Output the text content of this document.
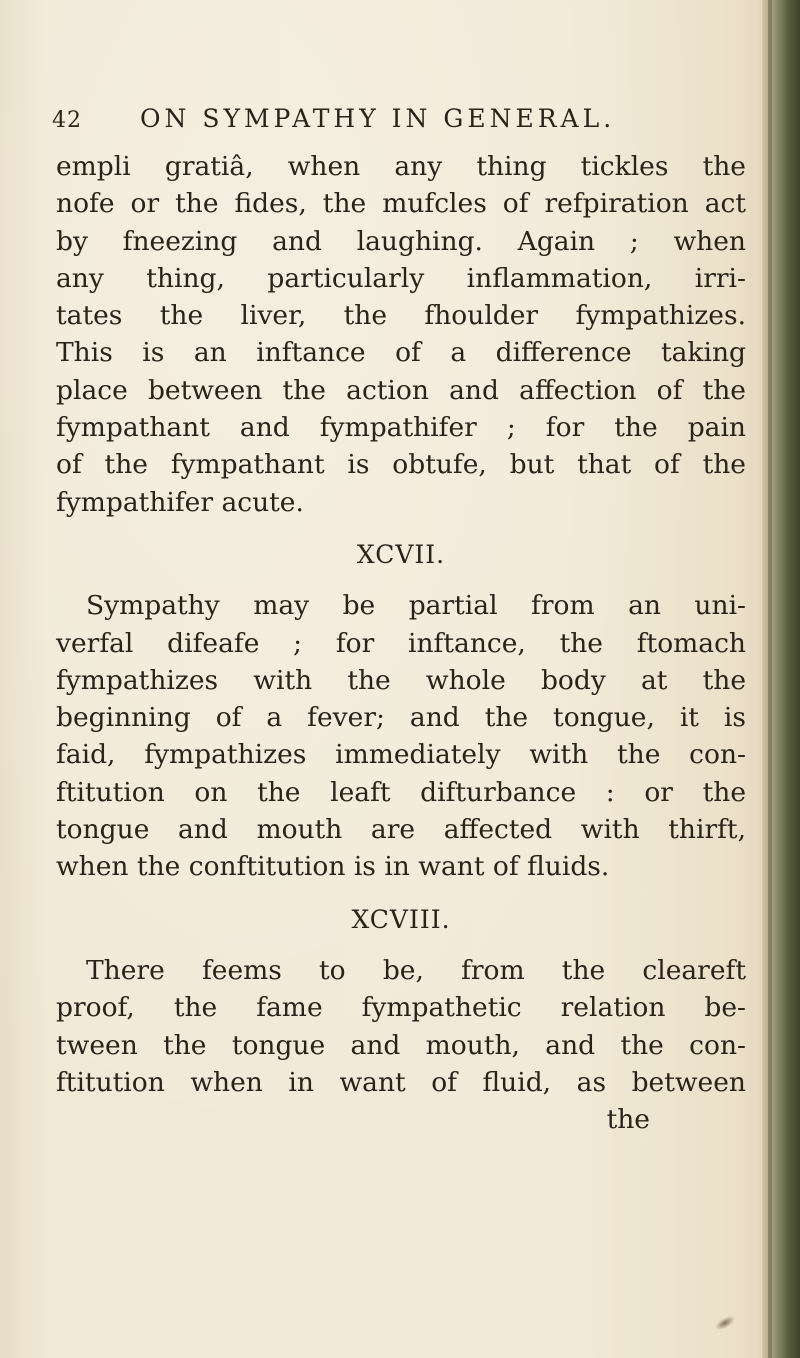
42 ON SYMPATHY IN GENERAL.
empli gratiâ, when any thing tickles the
nofe or the fides, the mufcles of refpiration act
by fneezing and laughing. Again ; when
any thing, particularly inflammation, irri-
tates the liver, the fhoulder fympathizes.
This is an inftance of a difference taking
place between the action and affection of the
fympathant and fympathifer ; for the pain
of the fympathant is obtufe, but that of the
fympathifer acute.
XCVII.
Sympathy may be partial from an uni-
verfal difeafe ; for inftance, the ftomach
fympathizes with the whole body at the
beginning of a fever; and the tongue, it is
faid, fympathizes immediately with the con-
ftitution on the leaft difturbance : or the
tongue and mouth are affected with thirft,
when the conftitution is in want of fluids.
XCVIII.
There feems to be, from the cleareft
proof, the fame fympathetic relation be-
tween the tongue and mouth, and the con-
ftitution when in want of fluid, as between
the
